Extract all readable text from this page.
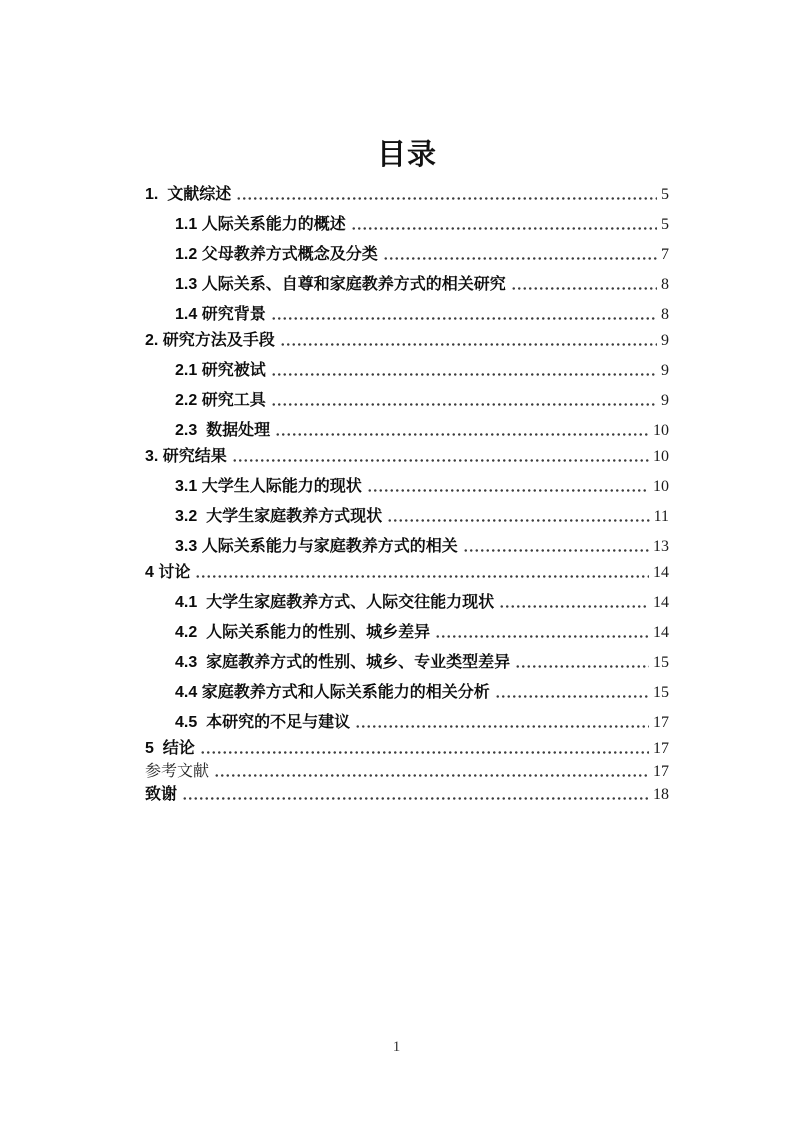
目录
1.  文献综述	5
1.1 人际关系能力的概述	5
1.2 父母教养方式概念及分类	7
1.3 人际关系、自尊和家庭教养方式的相关研究	8
1.4 研究背景	8
2. 研究方法及手段	9
2.1 研究被试	9
2.2 研究工具	9
2.3  数据处理	10
3. 研究结果	10
3.1 大学生人际能力的现状	10
3.2  大学生家庭教养方式现状	11
3.3 人际关系能力与家庭教养方式的相关	13
4 讨论	14
4.1  大学生家庭教养方式、人际交往能力现状	14
4.2  人际关系能力的性别、城乡差异	14
4.3  家庭教养方式的性别、城乡、专业类型差异	15
4.4 家庭教养方式和人际关系能力的相关分析	15
4.5  本研究的不足与建议	17
5  结论	17
参考文献	17
致谢	18
1
